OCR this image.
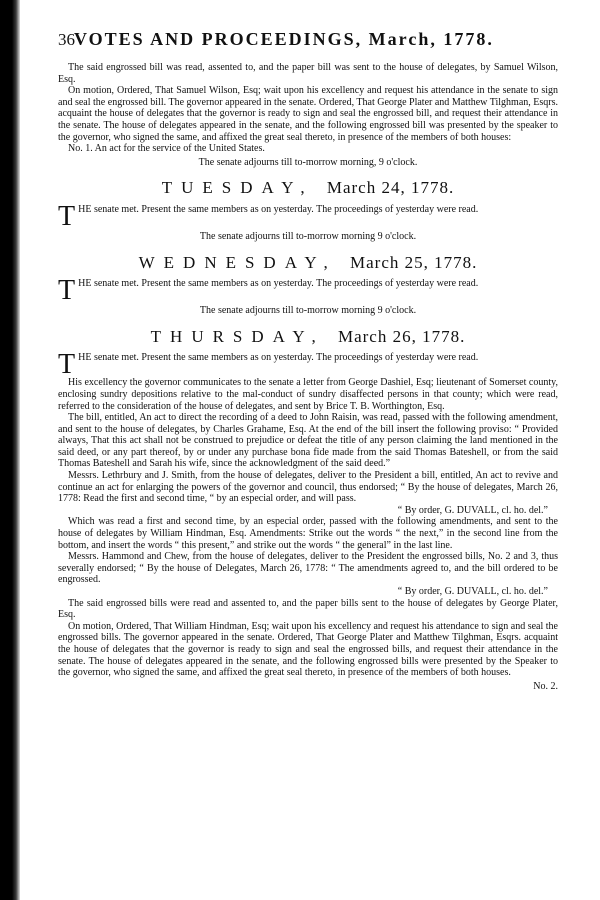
36 VOTES AND PROCEEDINGS, March, 1778.

The said engrossed bill was read, assented to, and the paper bill was sent to the house of delegates, by Samuel Wilson, Esq.

On motion, Ordered, That Samuel Wilson, Esq; wait upon his excellency and request his attendance in the senate to sign and seal the engrossed bill. The governor appeared in the senate. Ordered, That George Plater and Matthew Tilghman, Esqrs. acquaint the house of delegates that the governor is ready to sign and seal the engrossed bill, and request their attendance in the senate. The house of delegates appeared in the senate, and the following engrossed bill was presented by the speaker to the governor, who signed the same, and affixed the great seal thereto, in presence of the members of both houses:

No. 1. An act for the service of the United States.

The senate adjourns till to-morrow morning, 9 o'clock.

TUESDAY, March 24, 1778.

THE senate met. Present the same members as on yesterday. The proceedings of yesterday were read.

The senate adjourns till to-morrow morning 9 o'clock.

WEDNESDAY, March 25, 1778.

THE senate met. Present the same members as on yesterday. The proceedings of yesterday were read.

The senate adjourns till to-morrow morning 9 o'clock.

THURSDAY, March 26, 1778.

THE senate met. Present the same members as on yesterday. The proceedings of yesterday were read.

His excellency the governor communicates to the senate a letter from George Dashiel, Esq; lieutenant of Somerset county, enclosing sundry depositions relative to the mal-conduct of sundry disaffected persons in that county; which were read, referred to the consideration of the house of delegates, and sent by Brice T. B. Worthington, Esq.

The bill, entitled, An act to direct the recording of a deed to John Raisin, was read, passed with the following amendment, and sent to the house of delegates, by Charles Grahame, Esq. At the end of the bill insert the following proviso: “ Provided always, That this act shall not be construed to prejudice or defeat the title of any person claiming the land mentioned in the said deed, or any part thereof, by or under any purchase bona fide made from the said Thomas Bateshell, or from the said Thomas Bateshell and Sarah his wife, since the acknowledgment of the said deed.”

Messrs. Lethrbury and J. Smith, from the house of delegates, deliver to the President a bill, entitled, An act to revive and continue an act for enlarging the powers of the governor and council, thus endorsed; “ By the house of delegates, March 26, 1778: Read the first and second time, “ by an especial order, and will pass.

“ By order, G. DUVALL, cl. ho. del.”

Which was read a first and second time, by an especial order, passed with the following amendments, and sent to the house of delegates by William Hindman, Esq. Amendments: Strike out the words “ the next,” in the second line from the bottom, and insert the words “ this present,” and strike out the words “ the general” in the last line.

Messrs. Hammond and Chew, from the house of delegates, deliver to the President the engrossed bills, No. 2 and 3, thus severally endorsed; “ By the house of Delegates, March 26, 1778: “ The amendments agreed to, and the bill ordered to be engrossed.

“ By order, G. DUVALL, cl. ho. del.”

The said engrossed bills were read and assented to, and the paper bills sent to the house of delegates by George Plater, Esq.

On motion, Ordered, That William Hindman, Esq; wait upon his excellency and request his attendance to sign and seal the engrossed bills. The governor appeared in the senate. Ordered, That George Plater and Matthew Tilghman, Esqrs. acquaint the house of delegates that the governor is ready to sign and seal the engrossed bills, and request their attendance in the senate. The house of delegates appeared in the senate, and the following engrossed bills were presented by the Speaker to the governor, who signed the same, and affixed the great seal thereto, in presence of the members of both houses.

No. 2.
